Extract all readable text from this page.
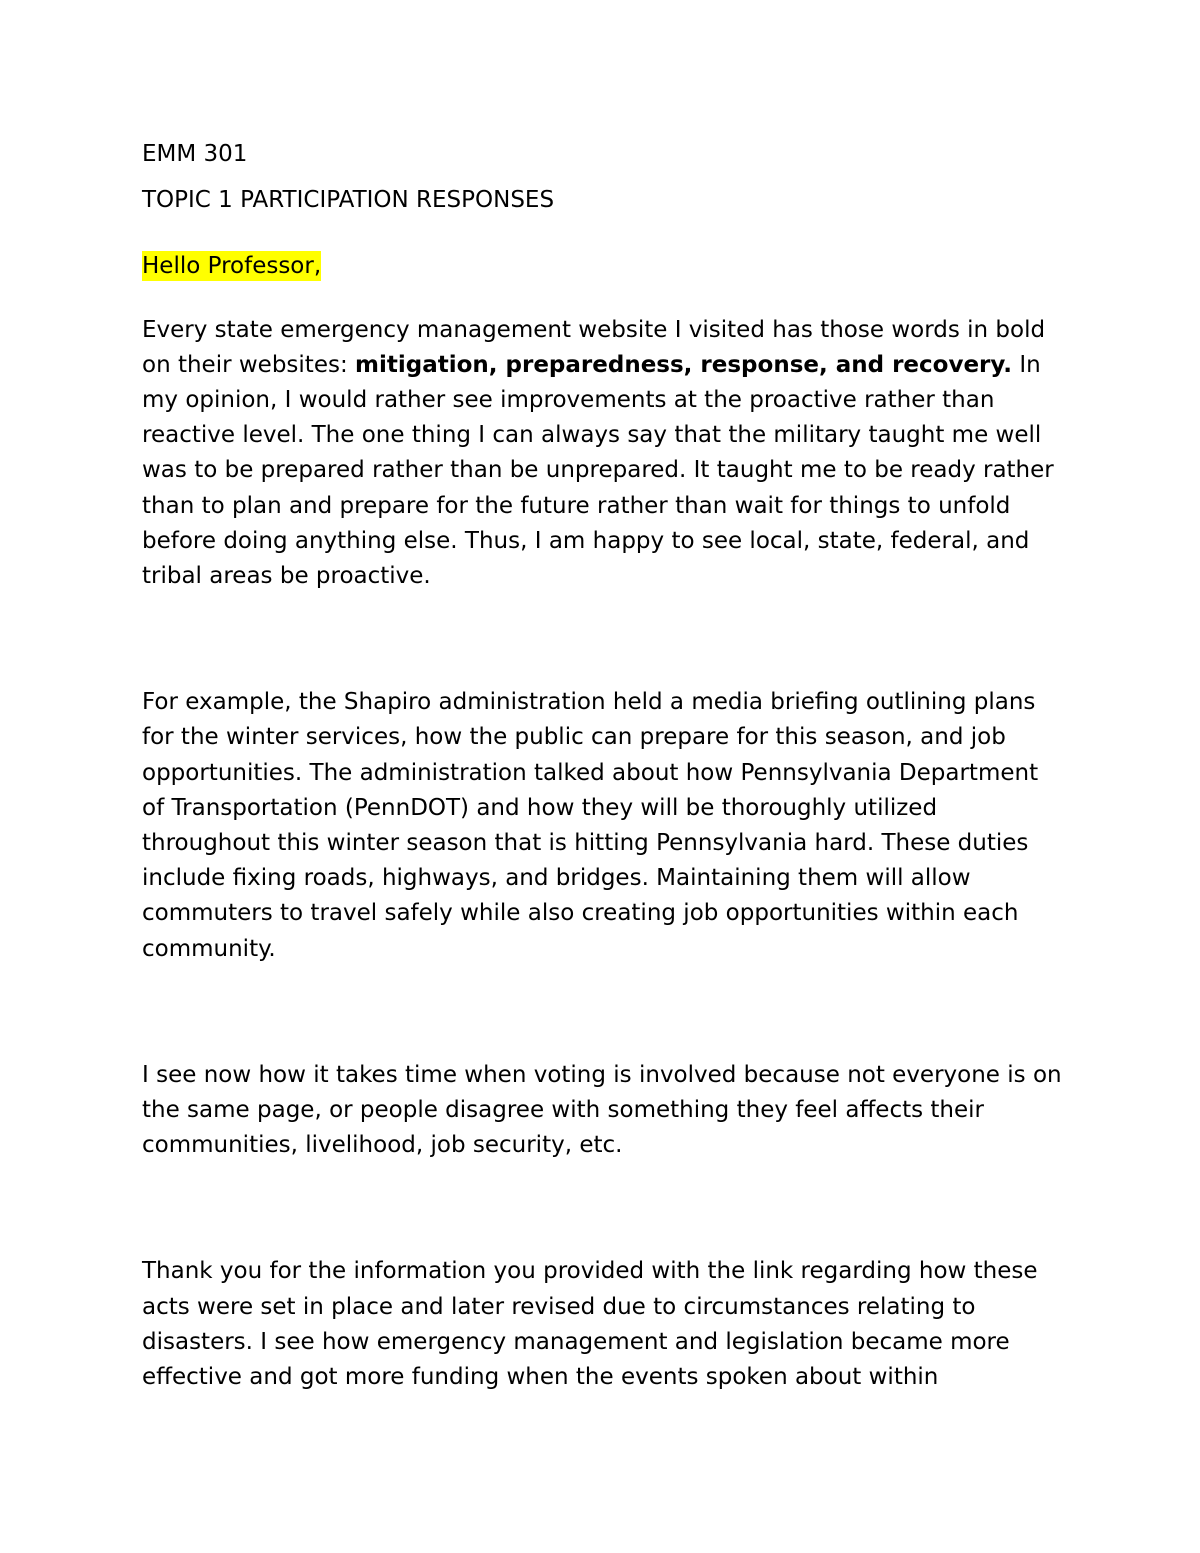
EMM 301

TOPIC 1 PARTICIPATION RESPONSES

Hello Professor,

Every state emergency management website I visited has those words in bold on their websites: mitigation, preparedness, response, and recovery. In my opinion, I would rather see improvements at the proactive rather than reactive level. The one thing I can always say that the military taught me well was to be prepared rather than be unprepared. It taught me to be ready rather than to plan and prepare for the future rather than wait for things to unfold before doing anything else. Thus, I am happy to see local, state, federal, and tribal areas be proactive.

For example, the Shapiro administration held a media briefing outlining plans for the winter services, how the public can prepare for this season, and job opportunities. The administration talked about how Pennsylvania Department of Transportation (PennDOT) and how they will be thoroughly utilized throughout this winter season that is hitting Pennsylvania hard. These duties include fixing roads, highways, and bridges. Maintaining them will allow commuters to travel safely while also creating job opportunities within each community.

I see now how it takes time when voting is involved because not everyone is on the same page, or people disagree with something they feel affects their communities, livelihood, job security, etc.

Thank you for the information you provided with the link regarding how these acts were set in place and later revised due to circumstances relating to disasters. I see how emergency management and legislation became more effective and got more funding when the events spoken about within
